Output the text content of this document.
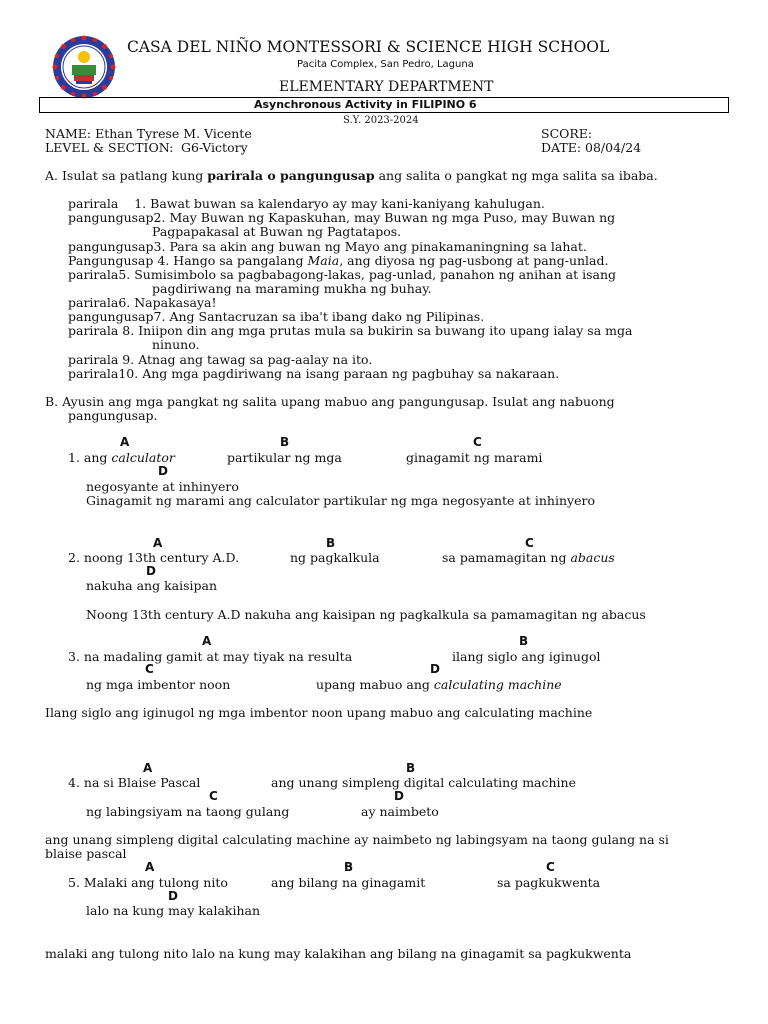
CASA DEL NIÑO MONTESSORI & SCIENCE HIGH SCHOOL
Pacita Complex, San Pedro, Laguna
ELEMENTARY DEPARTMENT
Asynchronous Activity in FILIPINO 6
S.Y. 2023-2024
NAME: Ethan Tyrese M. Vicente
LEVEL & SECTION: G6-Victory
SCORE:
DATE: 08/04/24
A. Isulat sa patlang kung parirala o pangungusap ang salita o pangkat ng mga salita sa ibaba.
parirala 1. Bawat buwan sa kalendaryo ay may kani-kaniyang kahulugan.
pangungusap2. May Buwan ng Kapaskuhan, may Buwan ng mga Puso, may Buwan ng
Pagpapakasal at Buwan ng Pagtatapos.
pangungusap3. Para sa akin ang buwan ng Mayo ang pinakamaningning sa lahat.
Pangungusap 4. Hango sa pangalang Maia, ang diyosa ng pag-usbong at pang-unlad.
parirala5. Sumisimbolo sa pagbabagong-lakas, pag-unlad, panahon ng anihan at isang
pagdiriwang na maraming mukha ng buhay.
parirala6. Napakasaya!
pangungusap7. Ang Santacruzan sa iba't ibang dako ng Pilipinas.
parirala 8. Iniipon din ang mga prutas mula sa bukirin sa buwang ito upang ialay sa mga
ninuno.
parirala 9. Atnag ang tawag sa pag-aalay na ito.
parirala10. Ang mga pagdiriwang na isang paraan ng pagbuhay sa nakaraan.
B. Ayusin ang mga pangkat ng salita upang mabuo ang pangungusap. Isulat ang nabuong
pangungusap.
A	B	C
1. ang calculator	partikular ng mga	ginagamit ng marami
D
negosyante at inhinyero
Ginagamit ng marami ang calculator partikular ng mga negosyante at inhinyero
A	B	C
2. noong 13th century A.D.	ng pagkalkula	sa pamamagitan ng abacus
D
nakuha ang kaisipan
Noong 13th century A.D nakuha ang kaisipan ng pagkalkula sa pamamagitan ng abacus
A	B
3. na madaling gamit at may tiyak na resulta	ilang siglo ang iginugol
C	D
ng mga imbentor noon	upang mabuo ang calculating machine
Ilang siglo ang iginugol ng mga imbentor noon upang mabuo ang calculating machine
A	B
4. na si Blaise Pascal	ang unang simpleng digital calculating machine
C	D
ng labingsiyam na taong gulang	ay naimbeto
ang unang simpleng digital calculating machine ay naimbeto ng labingsyam na taong gulang na si
blaise pascal
A	B	C
5. Malaki ang tulong nito	ang bilang na ginagamit	sa pagkukwenta
D
lalo na kung may kalakihan
malaki ang tulong nito lalo na kung may kalakihan ang bilang na ginagamit sa pagkukwenta
